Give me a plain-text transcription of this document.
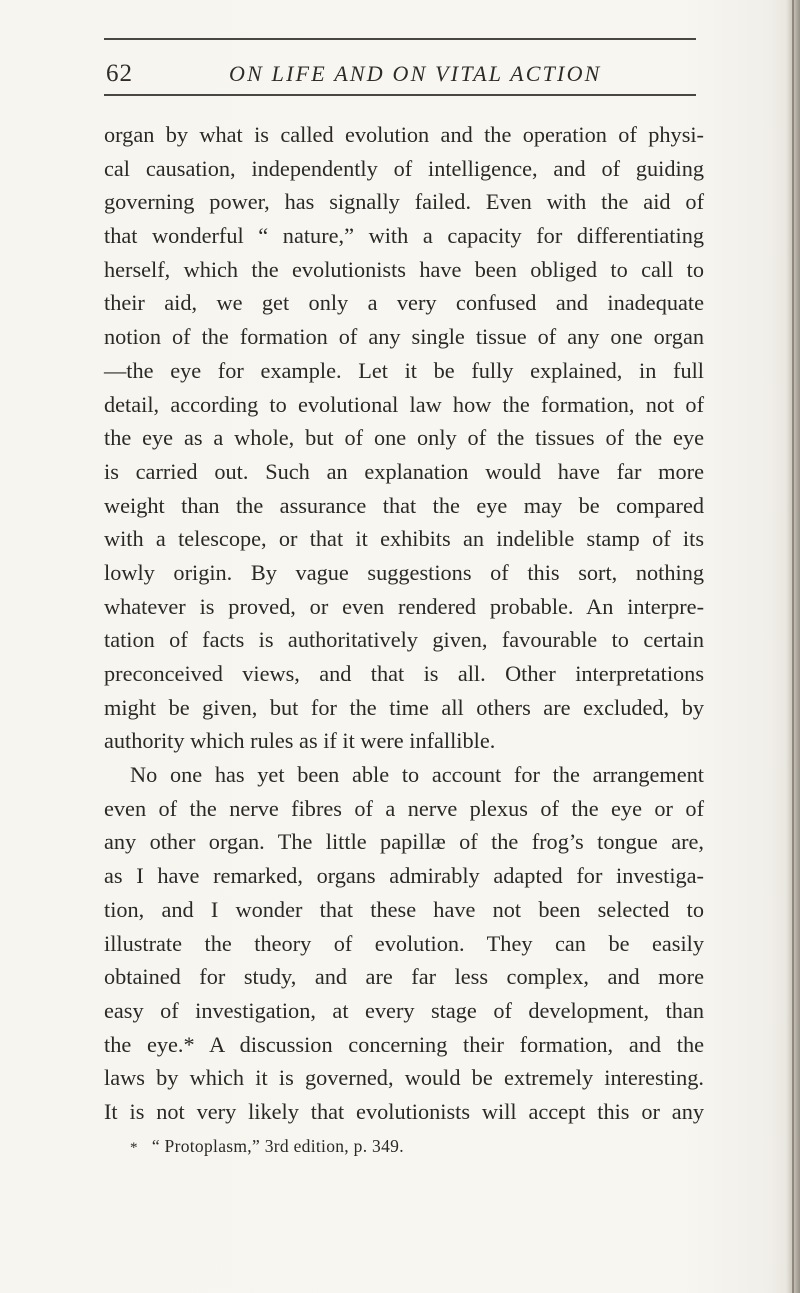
62	ON LIFE AND ON VITAL ACTION
organ by what is called evolution and the operation of physi-
cal causation, independently of intelligence, and of guiding
governing power, has signally failed. Even with the aid of
that wonderful “ nature,” with a capacity for differentiating
herself, which the evolutionists have been obliged to call to
their aid, we get only a very confused and inadequate
notion of the formation of any single tissue of any one organ
—the eye for example. Let it be fully explained, in full
detail, according to evolutional law how the formation, not of
the eye as a whole, but of one only of the tissues of the eye
is carried out. Such an explanation would have far more
weight than the assurance that the eye may be compared
with a telescope, or that it exhibits an indelible stamp of its
lowly origin. By vague suggestions of this sort, nothing
whatever is proved, or even rendered probable. An interpre-
tation of facts is authoritatively given, favourable to certain
preconceived views, and that is all. Other interpretations
might be given, but for the time all others are excluded, by
authority which rules as if it were infallible.
No one has yet been able to account for the arrangement
even of the nerve fibres of a nerve plexus of the eye or of
any other organ. The little papillæ of the frog’s tongue are,
as I have remarked, organs admirably adapted for investiga-
tion, and I wonder that these have not been selected to
illustrate the theory of evolution. They can be easily
obtained for study, and are far less complex, and more
easy of investigation, at every stage of development, than
the eye.* A discussion concerning their formation, and the
laws by which it is governed, would be extremely interesting.
It is not very likely that evolutionists will accept this or any
* “ Protoplasm,” 3rd edition, p. 349.
